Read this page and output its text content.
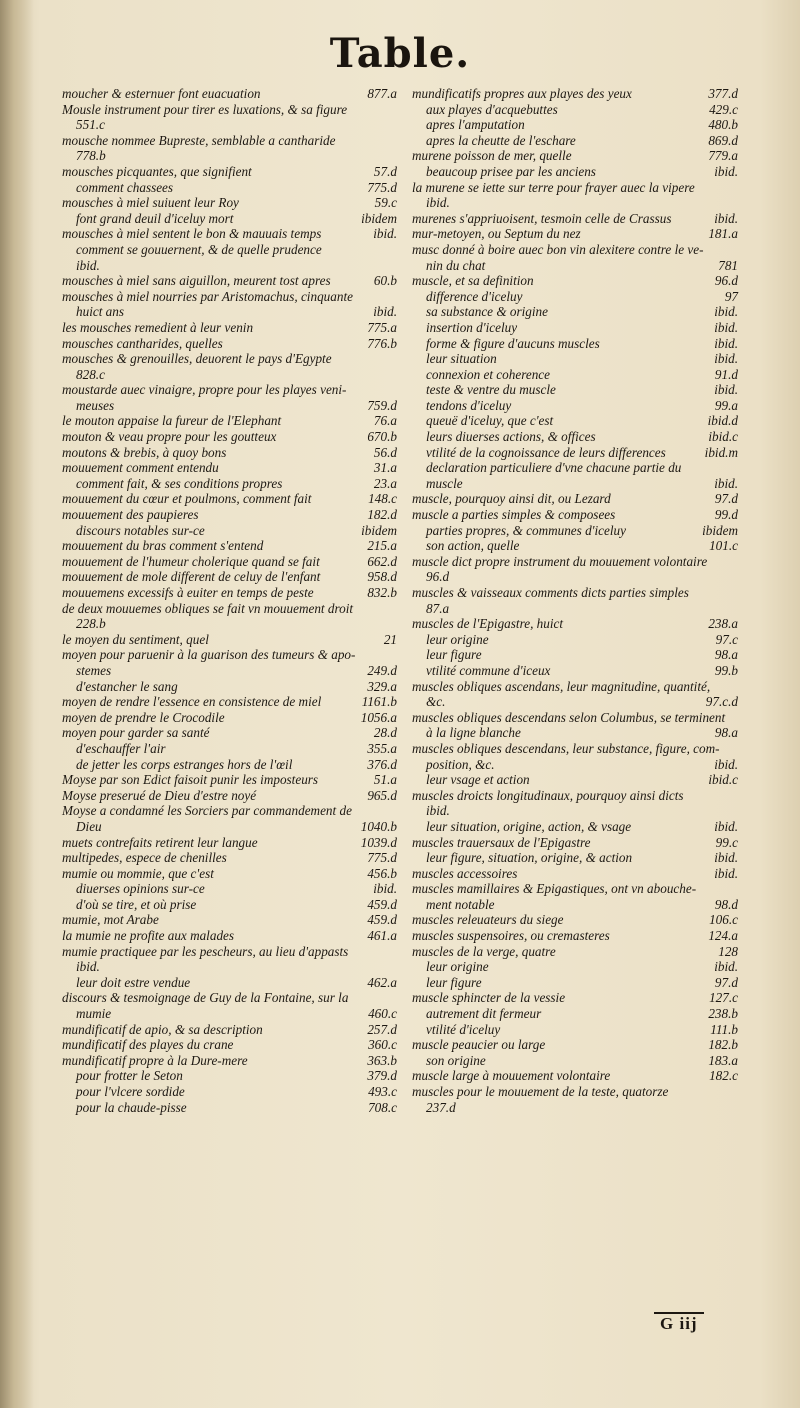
Table.
877.a
moucher & esternuer font euacuation
Mousle instrument pour tirer es luxations, & sa figure
551.c
mousche nommee Bupreste, semblable a cantharide
778.b
57.d
mousches picquantes, que signifient
775.d
comment chassees
59.c
mousches à miel suiuent leur Roy
ibidem
font grand deuil d'iceluy mort
ibid.
mousches à miel sentent le bon & mauuais temps
comment se gouuernent, & de quelle prudence
ibid.
60.b
mousches à miel sans aiguillon, meurent tost apres
mousches à miel nourries par Aristomachus, cinquante
ibid.
huict ans
775.a
les mousches remedient à leur venin
776.b
mousches cantharides, quelles
mousches & grenouilles, deuorent le pays d'Egypte
828.c
moustarde auec vinaigre, propre pour les playes veni-
759.d
meuses
76.a
le mouton appaise la fureur de l'Elephant
670.b
mouton & veau propre pour les goutteux
56.d
moutons & brebis, à quoy bons
31.a
mouuement comment entendu
23.a
comment fait, & ses conditions propres
148.c
mouuement du cœur et poulmons, comment fait
182.d
mouuement des paupieres
ibidem
discours notables sur-ce
215.a
mouuement du bras comment s'entend
662.d
mouuement de l'humeur cholerique quand se fait
958.d
mouuement de mole different de celuy de l'enfant
832.b
mouuemens excessifs à euiter en temps de peste
de deux mouuemes obliques se fait vn mouuement droit
228.b
21
le moyen du sentiment, quel
moyen pour paruenir à la guarison des tumeurs & apo-
249.d
stemes
329.a
d'estancher le sang
1161.b
moyen de rendre l'essence en consistence de miel
1056.a
moyen de prendre le Crocodile
28.d
moyen pour garder sa santé
355.a
d'eschauffer l'air
376.d
de jetter les corps estranges hors de l'œil
51.a
Moyse par son Edict faisoit punir les imposteurs
965.d
Moyse preserué de Dieu d'estre noyé
Moyse a condamné les Sorciers par commandement de
1040.b
Dieu
1039.d
muets contrefaits retirent leur langue
775.d
multipedes, espece de chenilles
456.b
mumie ou mommie, que c'est
ibid.
diuerses opinions sur-ce
459.d
d'où se tire, et où prise
459.d
mumie, mot Arabe
461.a
la mumie ne profite aux malades
mumie practiquee par les pescheurs, au lieu d'appasts
ibid.
462.a
leur doit estre vendue
discours & tesmoignage de Guy de la Fontaine, sur la
460.c
mumie
257.d
mundificatif de apio, & sa description
360.c
mundificatif des playes du crane
363.b
mundificatif propre à la Dure-mere
379.d
pour frotter le Seton
493.c
pour l'vlcere sordide
708.c
pour la chaude-pisse
377.d
mundificatifs propres aux playes des yeux
429.c
aux playes d'acquebuttes
480.b
apres l'amputation
869.d
apres la cheutte de l'eschare
779.a
murene poisson de mer, quelle
ibid.
beaucoup prisee par les anciens
la murene se iette sur terre pour frayer auec la vipere
ibid.
ibid.
murenes s'appriuoisent, tesmoin celle de Crassus
181.a
mur-metoyen, ou Septum du nez
musc donné à boire auec bon vin alexitere contre le ve-
781
nin du chat
96.d
muscle, et sa definition
97
difference d'iceluy
ibid.
sa substance & origine
ibid.
insertion d'iceluy
ibid.
forme & figure d'aucuns muscles
ibid.
leur situation
91.d
connexion et coherence
ibid.
teste & ventre du muscle
99.a
tendons d'iceluy
ibid.d
queuë d'iceluy, que c'est
ibid.c
leurs diuerses actions, & offices
ibid.m
vtilité de la cognoissance de leurs differences
declaration particuliere d'vne chacune partie du
ibid.
muscle
97.d
muscle, pourquoy ainsi dit, ou Lezard
99.d
muscle a parties simples & composees
ibidem
parties propres, & communes d'iceluy
101.c
son action, quelle
muscle dict propre instrument du mouuement volontaire
96.d
muscles & vaisseaux comments dicts parties simples
87.a
238.a
muscles de l'Epigastre, huict
97.c
leur origine
98.a
leur figure
99.b
vtilité commune d'iceux
muscles obliques ascendans, leur magnitudine, quantité,
97.c.d
&c.
muscles obliques descendans selon Columbus, se terminent
98.a
à la ligne blanche
muscles obliques descendans, leur substance, figure, com-
ibid.
position, &c.
ibid.c
leur vsage et action
muscles droicts longitudinaux, pourquoy ainsi dicts
ibid.
ibid.
leur situation, origine, action, & vsage
99.c
muscles trauersaux de l'Epigastre
ibid.
leur figure, situation, origine, & action
ibid.
muscles accessoires
muscles mamillaires & Epigastiques, ont vn abouche-
98.d
ment notable
106.c
muscles releuateurs du siege
124.a
muscles suspensoires, ou cremasteres
128
muscles de la verge, quatre
ibid.
leur origine
97.d
leur figure
127.c
muscle sphincter de la vessie
238.b
autrement dit fermeur
111.b
vtilité d'iceluy
182.b
muscle peaucier ou large
183.a
son origine
182.c
muscle large à mouuement volontaire
muscles pour le mouuement de la teste, quatorze
237.d
G iij
